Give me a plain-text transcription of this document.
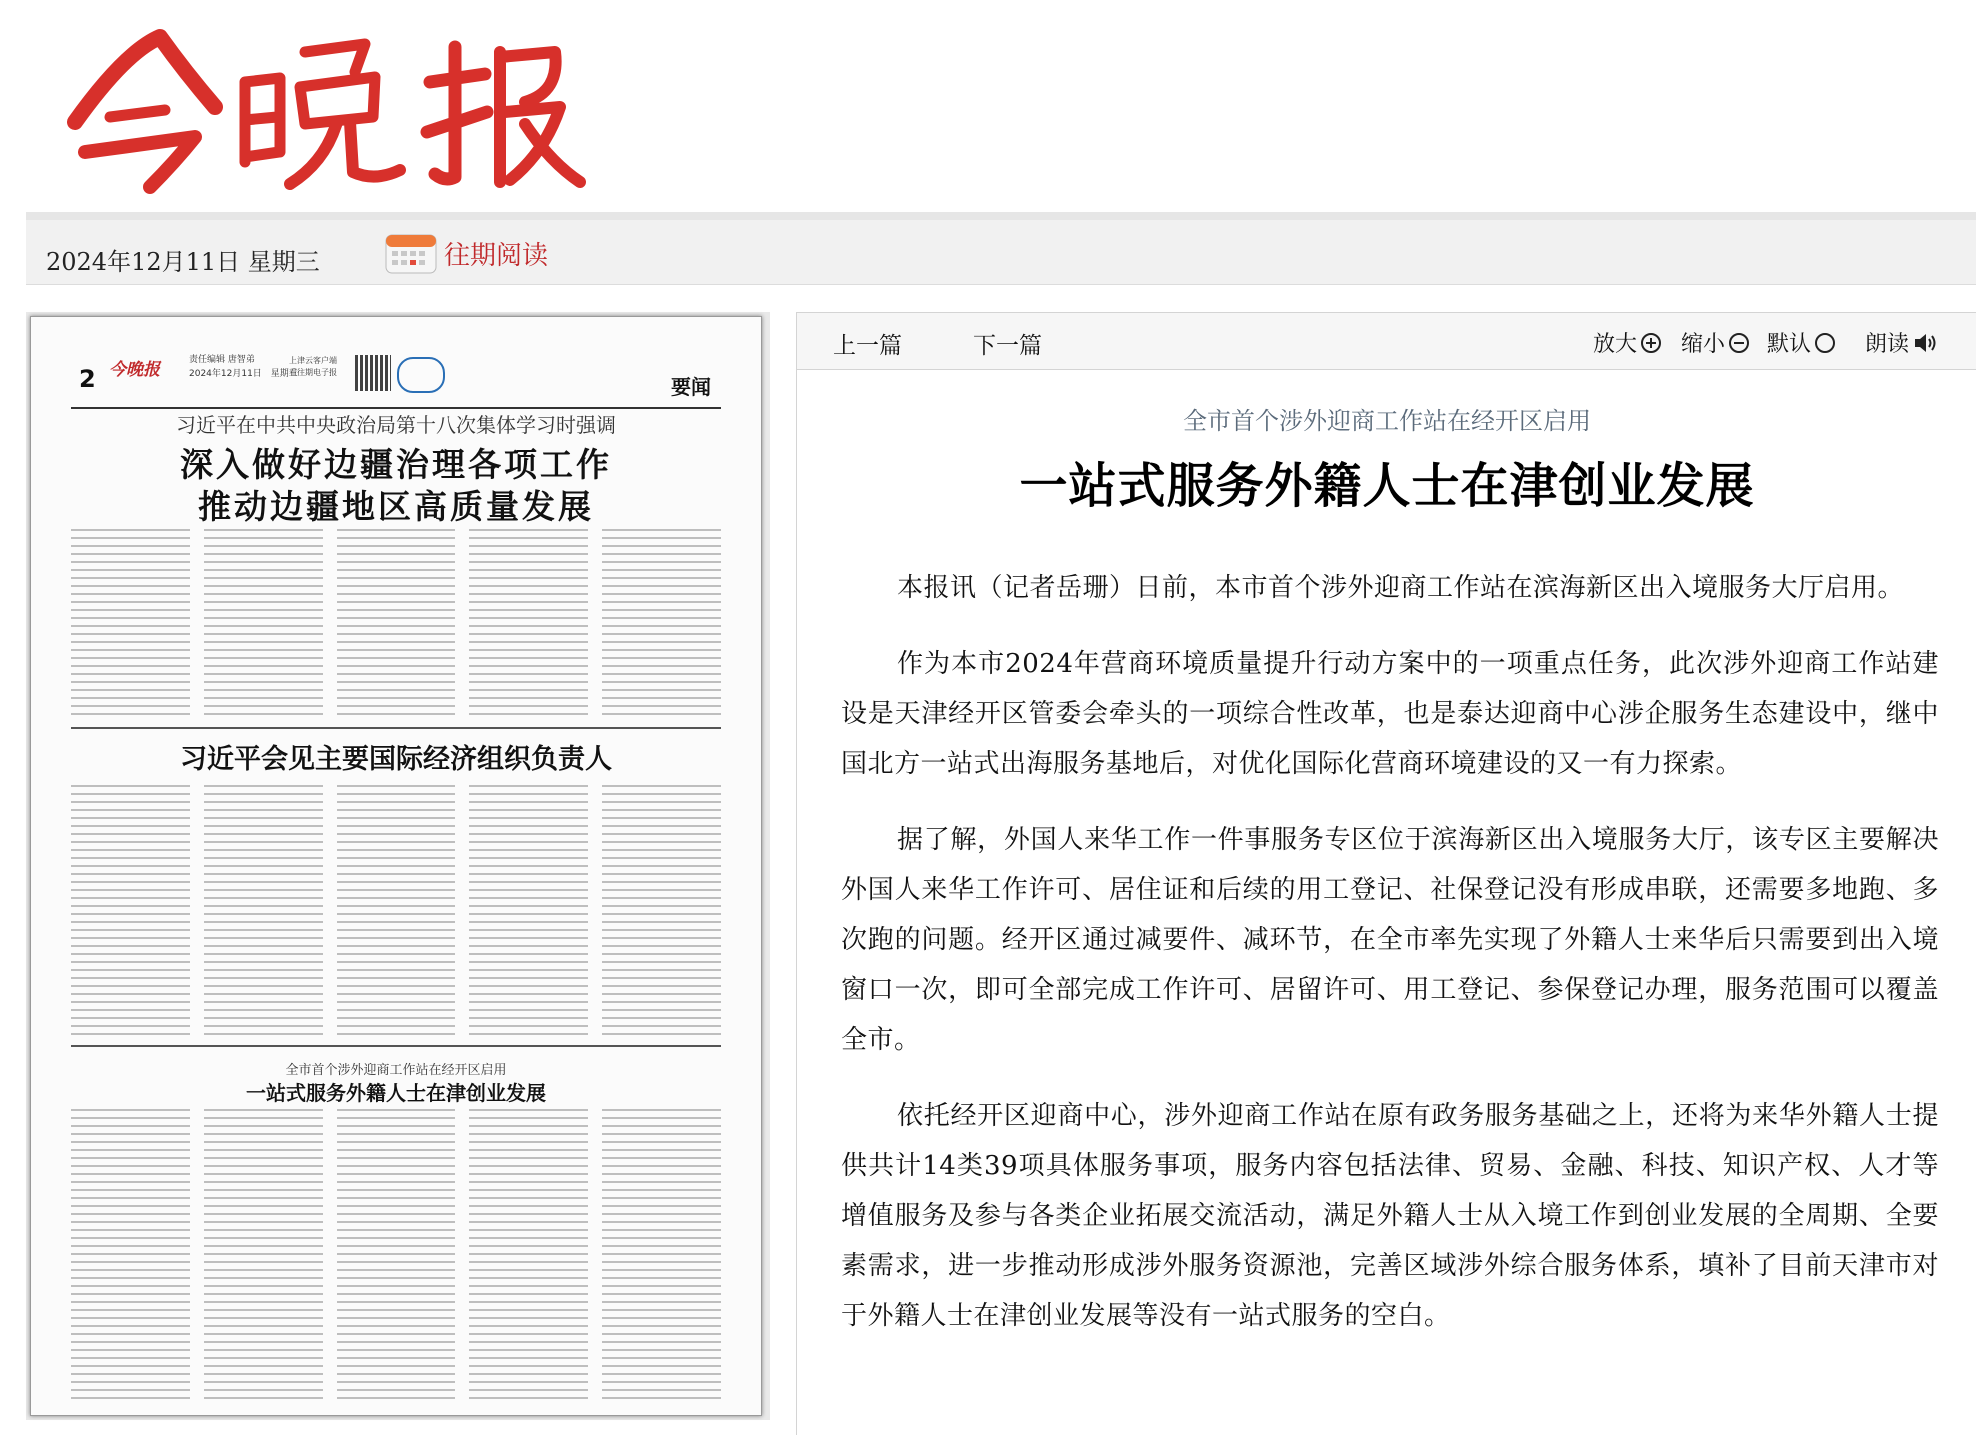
2024年12月11日 星期三	往期阅读
2 今晚报	责任编辑 唐智弟
2024年12月11日　星期三
上津云客户端
看往期电子报
要闻
习近平在中共中央政治局第十八次集体学习时强调
深入做好边疆治理各项工作
推动边疆地区高质量发展
习近平会见主要国际经济组织负责人
全市首个涉外迎商工作站在经开区启用
一站式服务外籍人士在津创业发展
上一篇	下一篇	放大 缩小 默认 朗读
全市首个涉外迎商工作站在经开区启用
一站式服务外籍人士在津创业发展

本报讯（记者岳珊）日前，本市首个涉外迎商工作站在滨海新区出入境服务大厅启用。

作为本市2024年营商环境质量提升行动方案中的一项重点任务，此次涉外迎商工作站建设是天津经开区管委会牵头的一项综合性改革，也是泰达迎商中心涉企服务生态建设中，继中国北方一站式出海服务基地后，对优化国际化营商环境建设的又一有力探索。

据了解，外国人来华工作一件事服务专区位于滨海新区出入境服务大厅，该专区主要解决外国人来华工作许可、居住证和后续的用工登记、社保登记没有形成串联，还需要多地跑、多次跑的问题。经开区通过减要件、减环节，在全市率先实现了外籍人士来华后只需要到出入境窗口一次，即可全部完成工作许可、居留许可、用工登记、参保登记办理，服务范围可以覆盖全市。

依托经开区迎商中心，涉外迎商工作站在原有政务服务基础之上，还将为来华外籍人士提供共计14类39项具体服务事项，服务内容包括法律、贸易、金融、科技、知识产权、人才等增值服务及参与各类企业拓展交流活动，满足外籍人士从入境工作到创业发展的全周期、全要素需求，进一步推动形成涉外服务资源池，完善区域涉外综合服务体系，填补了目前天津市对于外籍人士在津创业发展等没有一站式服务的空白。
